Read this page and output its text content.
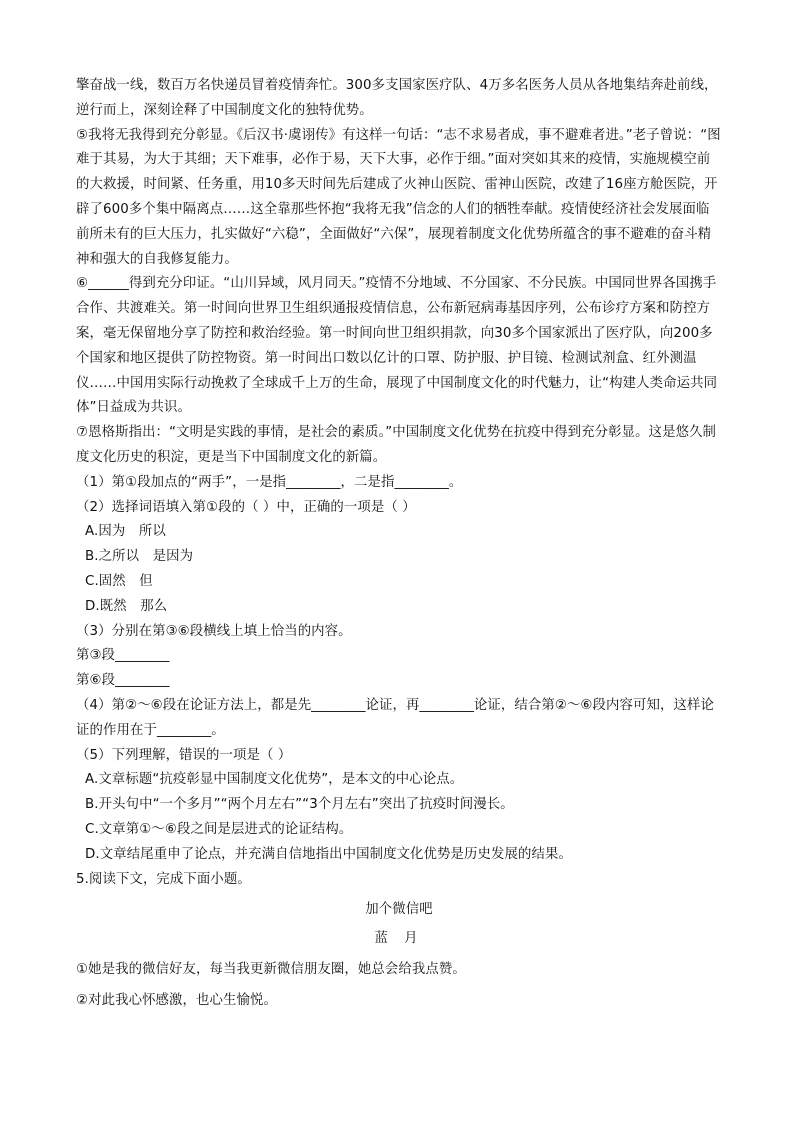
擎奋战一线，数百万名快递员冒着疫情奔忙。300多支国家医疗队、4万多名医务人员从各地集结奔赴前线，逆行而上，深刻诠释了中国制度文化的独特优势。

⑤我将无我得到充分彰显。《后汉书·虞诩传》有这样一句话：“志不求易者成，事不避难者进。”老子曾说：“图难于其易，为大于其细；天下难事，必作于易，天下大事，必作于细。”面对突如其来的疫情，实施规模空前的大救援，时间紧、任务重，用10多天时间先后建成了火神山医院、雷神山医院，改建了16座方舱医院，开辟了600多个集中隔离点……这全靠那些怀抱“我将无我”信念的人们的牺牲奉献。疫情使经济社会发展面临前所未有的巨大压力，扎实做好“六稳”，全面做好“六保”，展现着制度文化优势所蕴含的事不避难的奋斗精神和强大的自我修复能力。

⑥______得到充分印证。“山川异域，风月同天。”疫情不分地域、不分国家、不分民族。中国同世界各国携手合作、共渡难关。第一时间向世界卫生组织通报疫情信息，公布新冠病毒基因序列，公布诊疗方案和防控方案，毫无保留地分享了防控和救治经验。第一时间向世卫组织捐款，向30多个国家派出了医疗队，向200多个国家和地区提供了防控物资。第一时间出口数以亿计的口罩、防护服、护目镜、检测试剂盒、红外测温仪……中国用实际行动挽救了全球成千上万的生命，展现了中国制度文化的时代魅力，让“构建人类命运共同体”日益成为共识。

⑦恩格斯指出：“文明是实践的事情，是社会的素质。”中国制度文化优势在抗疫中得到充分彰显。这是悠久制度文化历史的积淀，更是当下中国制度文化的新篇。

（1）第①段加点的“两手”，一是指________，二是指________。

（2）选择词语填入第①段的（ ）中，正确的一项是（ ）

A.因为　所以

B.之所以　是因为

C.固然　但

D.既然　那么

（3）分别在第③⑥段横线上填上恰当的内容。

第③段________

第⑥段________

（4）第②～⑥段在论证方法上，都是先________论证，再________论证，结合第②～⑥段内容可知，这样论证的作用在于________。

（5）下列理解，错误的一项是（ ）

A.文章标题“抗疫彰显中国制度文化优势”，是本文的中心论点。

B.开头句中“一个多月”“两个月左右”“3个月左右”突出了抗疫时间漫长。

C.文章第①～⑥段之间是层进式的论证结构。

D.文章结尾重申了论点，并充满自信地指出中国制度文化优势是历史发展的结果。

5.阅读下文，完成下面小题。

加个微信吧

蓝 月

①她是我的微信好友，每当我更新微信朋友圈，她总会给我点赞。

②对此我心怀感激，也心生愉悦。
